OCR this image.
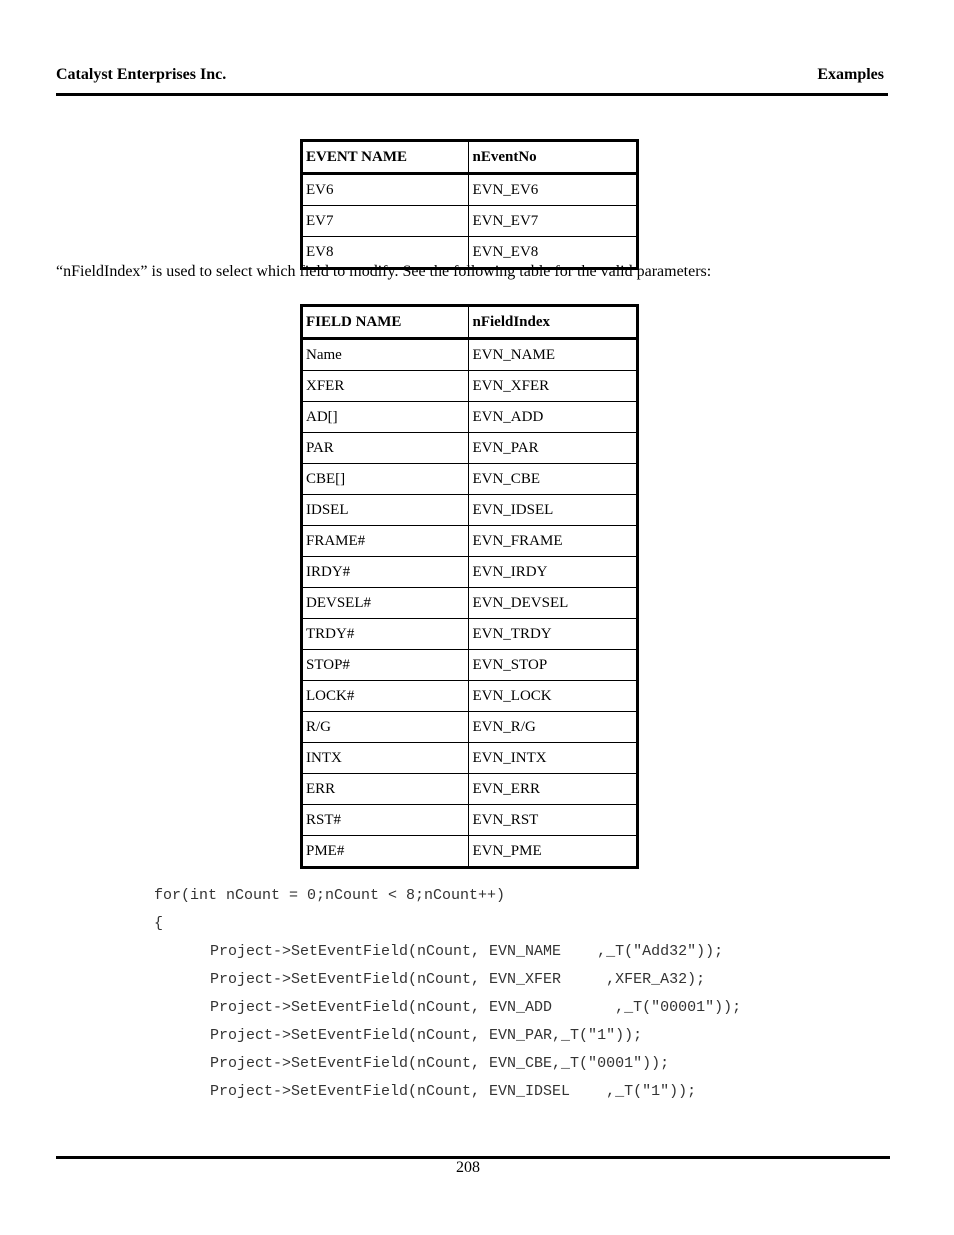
Catalyst Enterprises Inc.	Examples
EVENT NAME	nEventNo
EV6	EVN_EV6
EV7	EVN_EV7
EV8	EVN_EV8
“nFieldIndex” is used to select which field to modify. See the following table for the valid parameters:
FIELD NAME	nFieldIndex
Name	EVN_NAME
XFER	EVN_XFER
AD[]	EVN_ADD
PAR	EVN_PAR
CBE[]	EVN_CBE
IDSEL	EVN_IDSEL
FRAME#	EVN_FRAME
IRDY#	EVN_IRDY
DEVSEL#	EVN_DEVSEL
TRDY#	EVN_TRDY
STOP#	EVN_STOP
LOCK#	EVN_LOCK
R/G	EVN_R/G
INTX	EVN_INTX
ERR	EVN_ERR
RST#	EVN_RST
PME#	EVN_PME
for(int nCount = 0;nCount < 8;nCount++)
{
Project->SetEventField(nCount, EVN_NAME    ,_T("Add32"));
Project->SetEventField(nCount, EVN_XFER     ,XFER_A32);
Project->SetEventField(nCount, EVN_ADD       ,_T("00001"));
Project->SetEventField(nCount, EVN_PAR,_T("1"));
Project->SetEventField(nCount, EVN_CBE,_T("0001"));
Project->SetEventField(nCount, EVN_IDSEL    ,_T("1"));
208
